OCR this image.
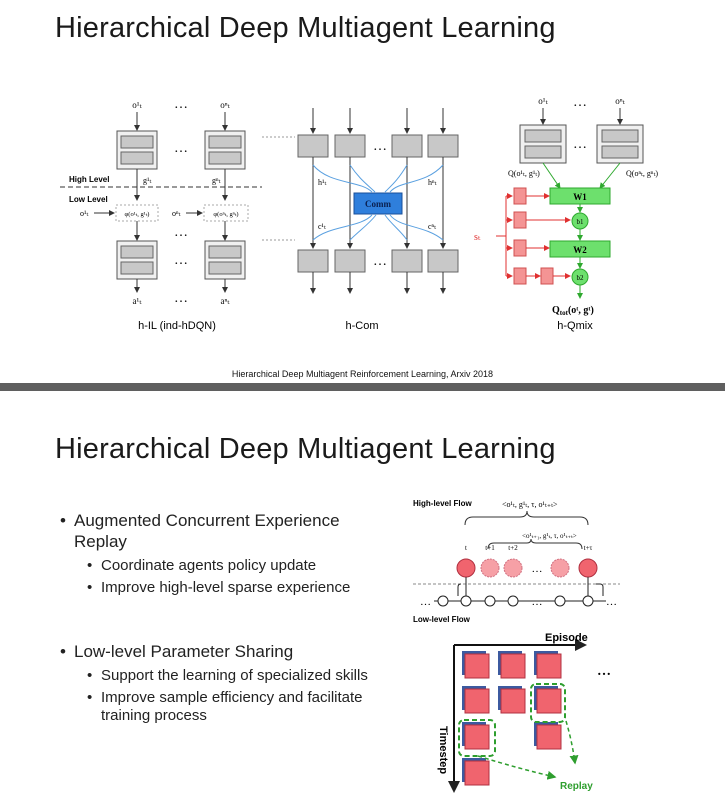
Hierarchical Deep Multiagent Learning
o¹ₜ	oⁿₜ
…
…
g¹ₜ	gⁿₜ
High Level
Low Level
o¹ₜ	φ(o¹ₜ, g¹ₜ)	oⁿₜ	φ(oⁿₜ, gⁿₜ)
…
…
a¹ₜ	aⁿₜ
…
h-IL (ind-hDQN)
…
Comm
h¹ₜ	hⁿₜ
c¹ₜ	cⁿₜ
…
h-Com
o¹ₜ	oⁿₜ
…
…
Q(o¹ₜ, g¹ₜ)	Q(oⁿₜ, gⁿₜ)
sₜ
W1
b1
W2
b2
$Q_{tot}(oᵗ$, gᵗ)
h-Qmix
Hierarchical Deep Multiagent Reinforcement Learning, Arxiv 2018
Hierarchical Deep Multiagent Learning
• Augmented Concurrent Experience Replay
• Coordinate agents policy update
• Improve high-level sparse experience
• Low-level Parameter Sharing
• Support the learning of specialized skills
• Improve sample efficiency and facilitate training process
High-level Flow	<o¹ₜ, g¹ₜ, τ, o¹ₜ₊ₜ>
<o¹ₜ₊₁, g¹ₜ, τ, o¹ₜ₊ₜ>
t	t+1 t+2	t+τ
…
…	…	…
Low-level Flow
Episode
Timestep
…
Replay
